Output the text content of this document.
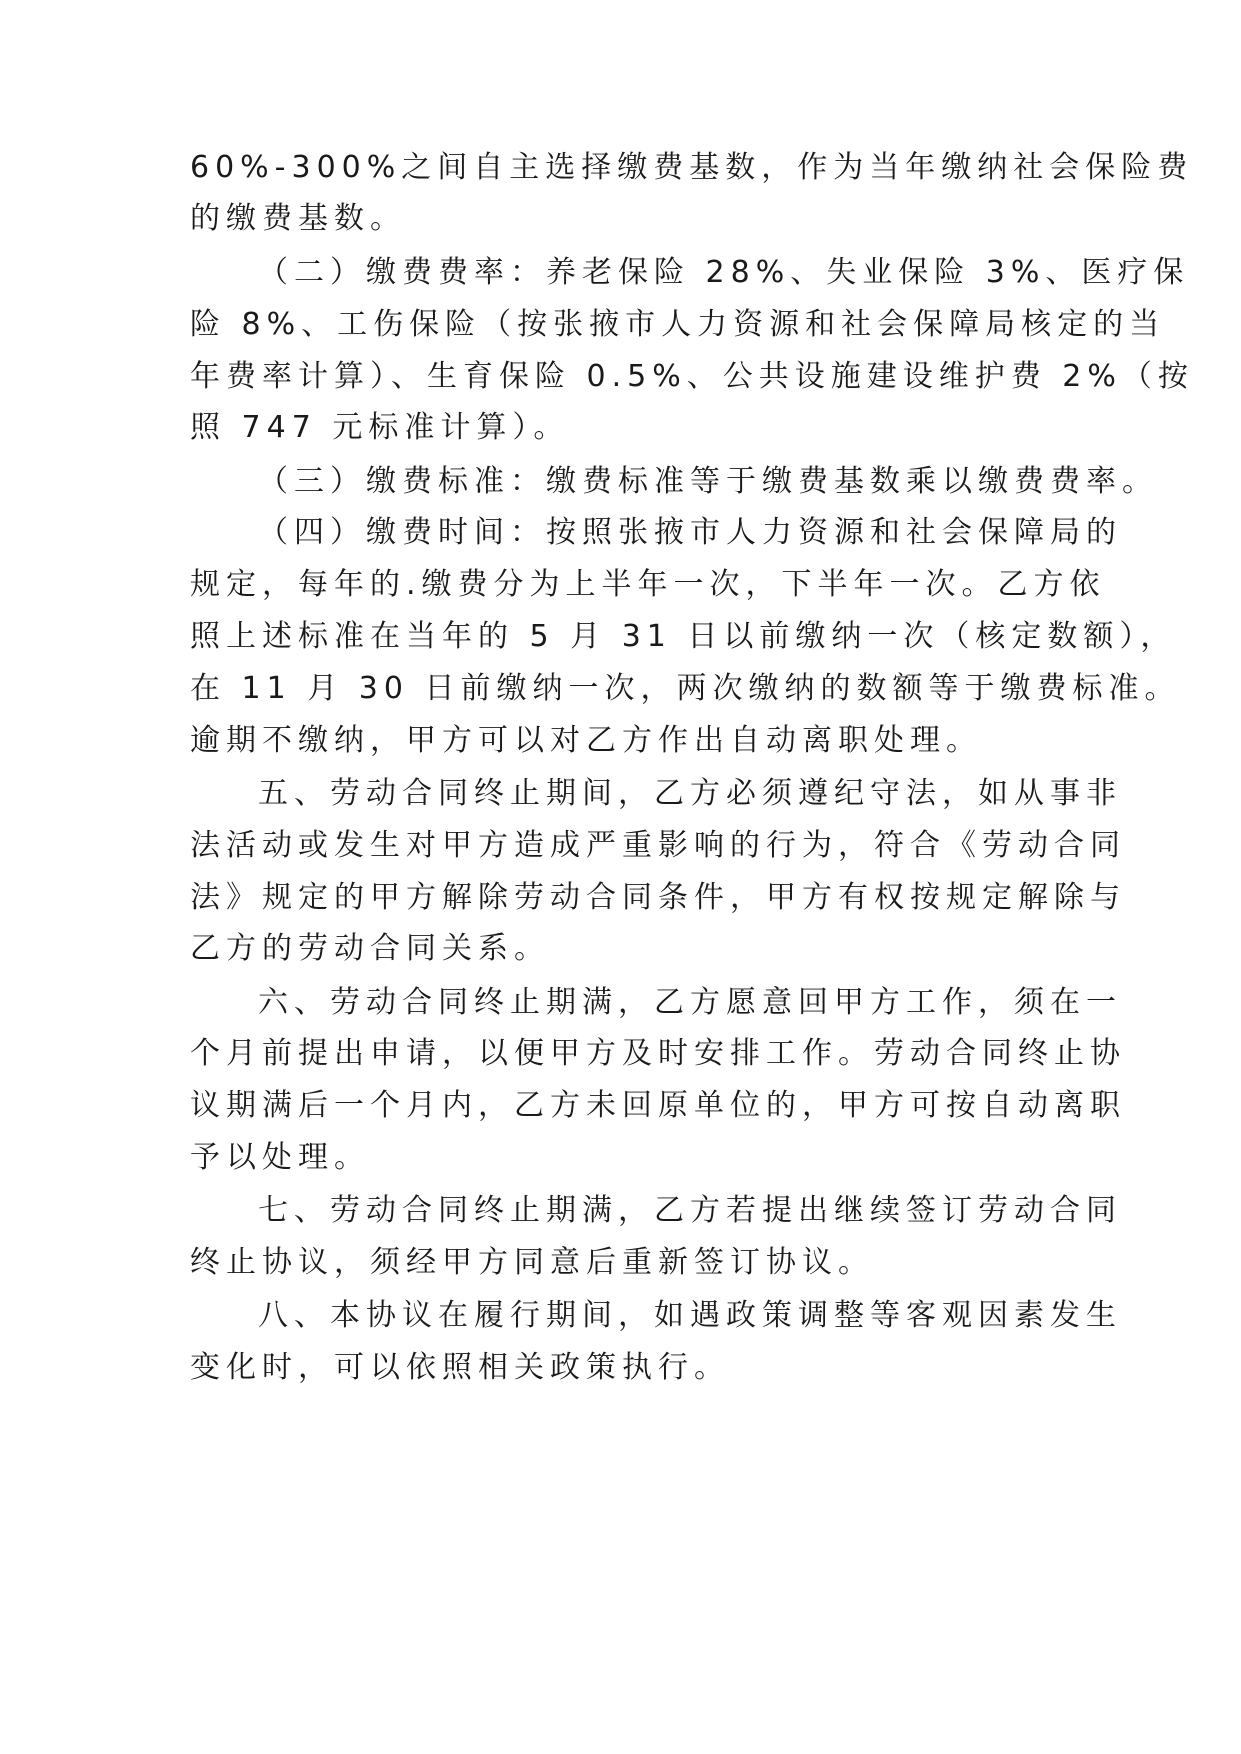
60%-300%之间自主选择缴费基数，作为当年缴纳社会保险费
的缴费基数。
（二）缴费费率：养老保险 28%、失业保险 3%、医疗保
险 8%、工伤保险（按张掖市人力资源和社会保障局核定的当
年费率计算）、生育保险 0.5%、公共设施建设维护费 2%（按
照 747 元标准计算）。
（三）缴费标准：缴费标准等于缴费基数乘以缴费费率。
（四）缴费时间：按照张掖市人力资源和社会保障局的
规定，每年的.缴费分为上半年一次，下半年一次。乙方依
照上述标准在当年的 5 月 31 日以前缴纳一次（核定数额），
在 11 月 30 日前缴纳一次，两次缴纳的数额等于缴费标准。
逾期不缴纳，甲方可以对乙方作出自动离职处理。
五、劳动合同终止期间，乙方必须遵纪守法，如从事非
法活动或发生对甲方造成严重影响的行为，符合《劳动合同
法》规定的甲方解除劳动合同条件，甲方有权按规定解除与
乙方的劳动合同关系。
六、劳动合同终止期满，乙方愿意回甲方工作，须在一
个月前提出申请，以便甲方及时安排工作。劳动合同终止协
议期满后一个月内，乙方未回原单位的，甲方可按自动离职
予以处理。
七、劳动合同终止期满，乙方若提出继续签订劳动合同
终止协议，须经甲方同意后重新签订协议。
八、本协议在履行期间，如遇政策调整等客观因素发生
变化时，可以依照相关政策执行。
